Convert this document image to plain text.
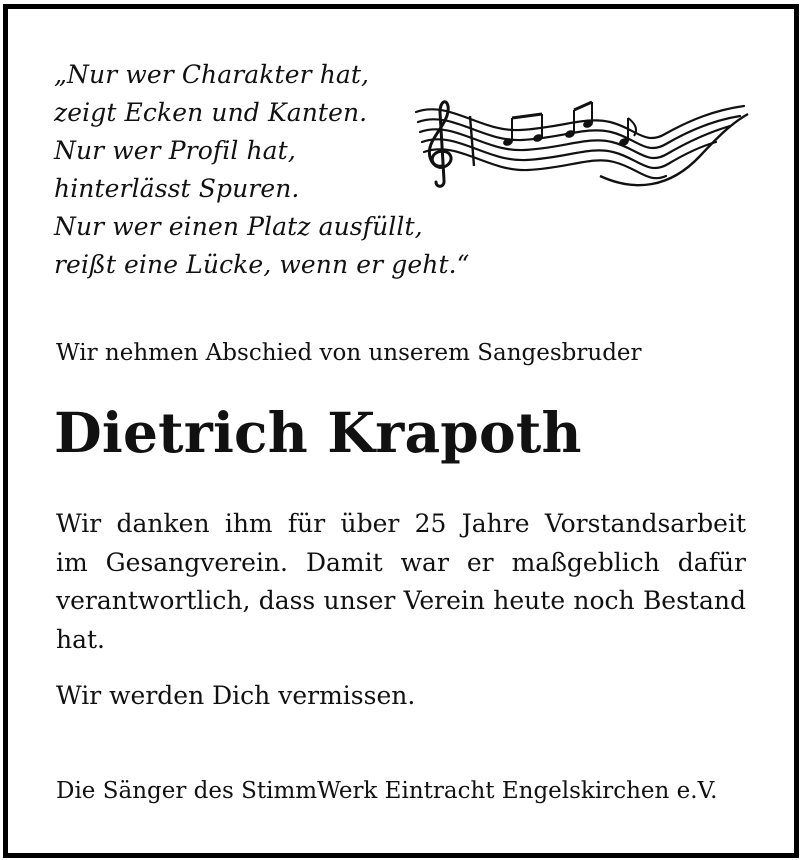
„Nur wer Charakter hat,
zeigt Ecken und Kanten.
Nur wer Profil hat,
hinterlässt Spuren.
Nur wer einen Platz ausfüllt,
reißt eine Lücke, wenn er geht.“
Wir nehmen Abschied von unserem Sangesbruder
Dietrich Krapoth
Wir danken ihm für über 25 Jahre Vorstandsarbeit
im Gesangverein. Damit war er maßgeblich dafür
verantwortlich, dass unser Verein heute noch Bestand
hat.
Wir werden Dich vermissen.
Die Sänger des StimmWerk Eintracht Engelskirchen e.V.
